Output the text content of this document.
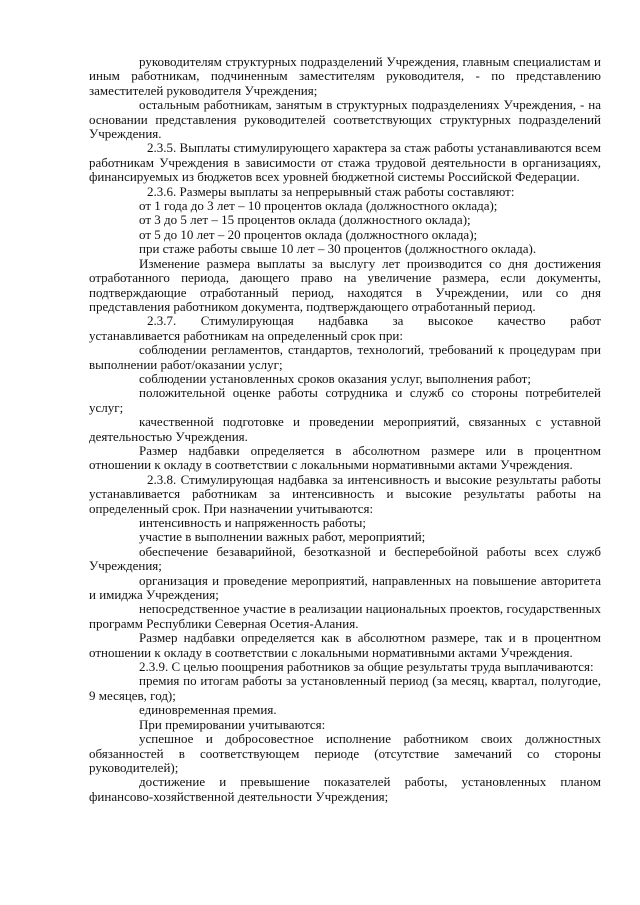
руководителям структурных подразделений Учреждения, главным специалистам и иным работникам, подчиненным заместителям руководителя, - по представлению заместителей руководителя Учреждения;

остальным работникам, занятым в структурных подразделениях Учреждения, - на основании представления руководителей соответствующих структурных подразделений Учреждения.

2.3.5. Выплаты стимулирующего характера за стаж работы устанавливаются всем работникам Учреждения в зависимости от стажа трудовой деятельности в организациях, финансируемых из бюджетов всех уровней бюджетной системы Российской Федерации.

2.3.6. Размеры выплаты за непрерывный стаж работы составляют:

от 1 года до 3 лет – 10 процентов оклада (должностного оклада);

от 3 до 5 лет – 15 процентов оклада (должностного оклада);

от 5 до 10 лет – 20 процентов оклада (должностного оклада);

при стаже работы свыше 10 лет – 30 процентов (должностного оклада).

Изменение размера выплаты за выслугу лет производится со дня достижения отработанного периода, дающего право на увеличение размера, если документы, подтверждающие отработанный период, находятся в Учреждении, или со дня представления работником документа, подтверждающего отработанный период.

2.3.7. Стимулирующая надбавка за высокое качество работ

устанавливается работникам на определенный срок при:

соблюдении регламентов, стандартов, технологий, требований к процедурам при выполнении работ/оказании услуг;

соблюдении установленных сроков оказания услуг, выполнения работ;

положительной оценке работы сотрудника и служб со стороны потребителей услуг;

качественной подготовке и проведении мероприятий, связанных с уставной деятельностью Учреждения.

Размер надбавки определяется в абсолютном размере или в процентном отношении к окладу в соответствии с локальными нормативными актами Учреждения.

2.3.8. Стимулирующая надбавка за интенсивность и высокие результаты работы устанавливается работникам за интенсивность и высокие результаты работы на определенный срок. При назначении учитываются:

интенсивность и напряженность работы;

участие в выполнении важных работ, мероприятий;

обеспечение безаварийной, безотказной и бесперебойной работы всех служб Учреждения;

организация и проведение мероприятий, направленных на повышение авторитета и имиджа Учреждения;

непосредственное участие в реализации национальных проектов, государственных программ Республики Северная Осетия-Алания.

Размер надбавки определяется как в абсолютном размере, так и в процентном отношении к окладу в соответствии с локальными нормативными актами Учреждения.

2.3.9. С целью поощрения работников за общие результаты труда выплачиваются:

премия по итогам работы за установленный период (за месяц, квартал, полугодие, 9 месяцев, год);

единовременная премия.

При премировании учитываются:

успешное и добросовестное исполнение работником своих должностных обязанностей в соответствующем периоде (отсутствие замечаний со стороны руководителей);

достижение и превышение показателей работы, установленных планом финансово-хозяйственной деятельности Учреждения;
